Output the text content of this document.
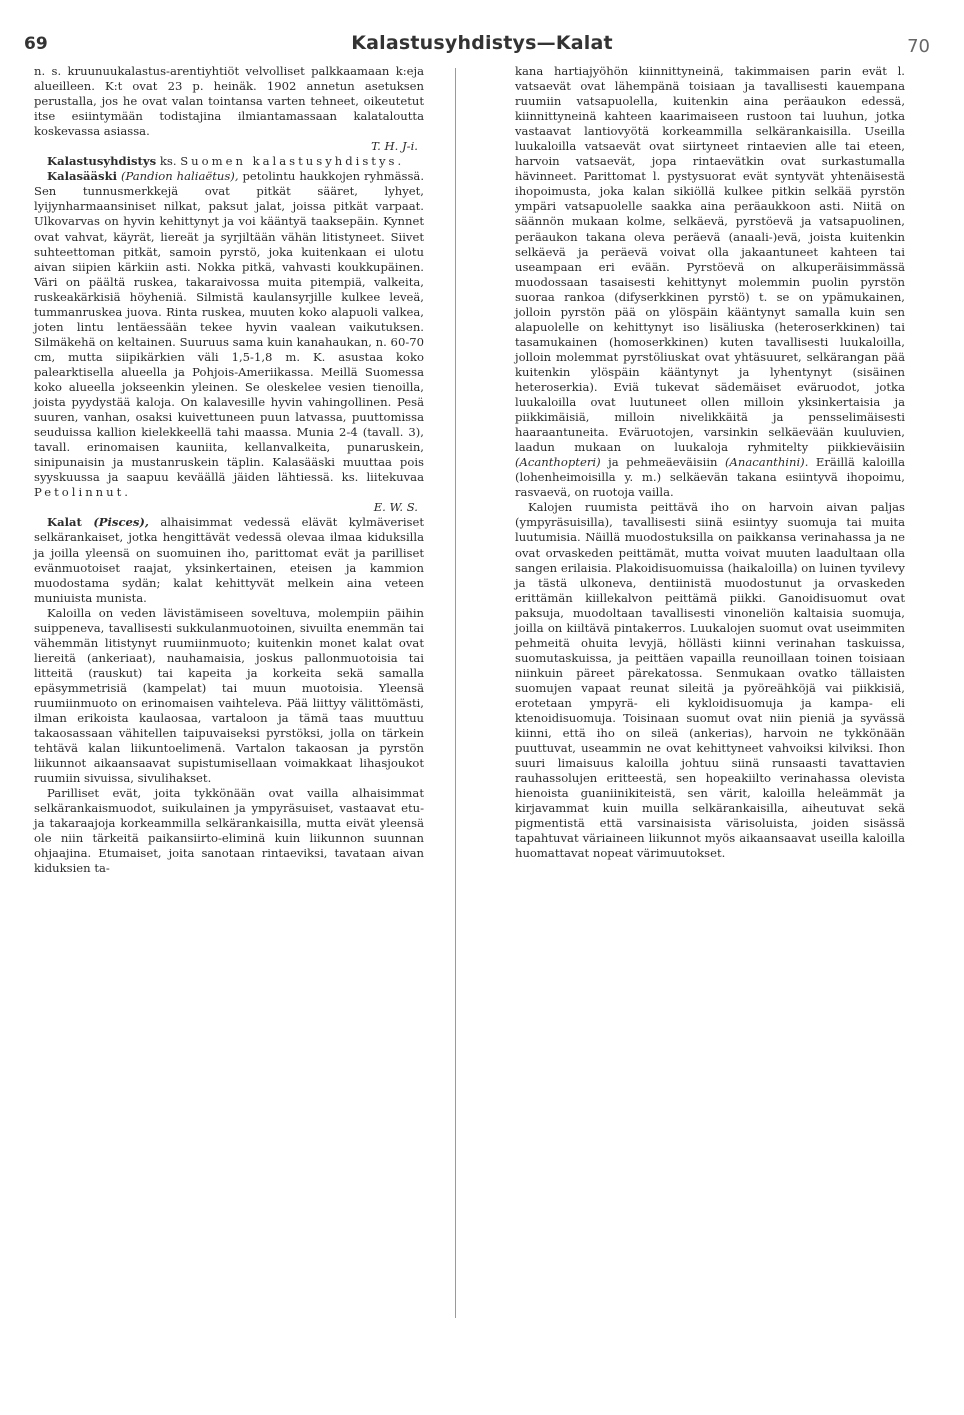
69	Kalastusyhdistys—Kalat	70

n. s. kruunuukalastus-arentiyhtiöt velvolliset palkkaamaan k:eja alueilleen. K:t ovat 23 p. heinäk. 1902 annetun asetuksen perustalla, jos he ovat valan tointansa varten tehneet, oikeutetut itse esiintymään todistajina ilmiantamassaan kalataloutta koskevassa asiassa.

T. H. J-i.

Kalastusyhdistys ks. Suomen kalastusyhdistys.

Kalasääski (Pandion haliaëtus), petolintu haukkojen ryhmässä. Sen tunnusmerkkejä ovat pitkät sääret, lyhyet, lyijynharmaansiniset nilkat, paksut jalat, joissa pitkät varpaat. Ulkovarvas on hyvin kehittynyt ja voi kääntyä taaksepäin. Kynnet ovat vahvat, käyrät, liereät ja syrjiltään vähän litistyneet. Siivet suhteettoman pitkät, samoin pyrstö, joka kuitenkaan ei ulotu aivan siipien kärkiin asti. Nokka pitkä, vahvasti koukkupäinen. Väri on päältä ruskea, takaraivossa muita pitempiä, valkeita, ruskeakärkisiä höyheniä. Silmistä kaulansyrjille kulkee leveä, tummanruskea juova. Rinta ruskea, muuten koko alapuoli valkea, joten lintu lentäessään tekee hyvin vaalean vaikutuksen. Silmäkehä on keltainen. Suuruus sama kuin kanahaukan, n. 60-70 cm, mutta siipikärkien väli 1,5-1,8 m. K. asustaa koko palearktisella alueella ja Pohjois-Ameriikassa. Meillä Suomessa koko alueella jokseenkin yleinen. Se oleskelee vesien tienoilla, joista pyydystää kaloja. On kalavesille hyvin vahingollinen. Pesä suuren, vanhan, osaksi kuivettuneen puun latvassa, puuttomissa seuduissa kallion kielekkeellä tahi maassa. Munia 2-4 (tavall. 3), tavall. erinomaisen kauniita, kellanvalkeita, punaruskein, sinipunaisin ja mustanruskein täplin. Kalasääski muuttaa pois syyskuussa ja saapuu keväällä jäiden lähtiessä. ks. liitekuvaa Petolinnut.

E. W. S.

Kalat (Pisces), alhaisimmat vedessä elävät kylmäveriset selkärankaiset, jotka hengittävät vedessä olevaa ilmaa kiduksilla ja joilla yleensä on suomuinen iho, parittomat evät ja parilliset evänmuotoiset raajat, yksinkertainen, eteisen ja kammion muodostama sydän; kalat kehittyvät melkein aina veteen muniuista munista.

Kaloilla on veden lävistämiseen soveltuva, molempiin päihin suippeneva, tavallisesti sukkulanmuotoinen, sivuilta enemmän tai vähemmän litistynyt ruumiinmuoto; kuitenkin monet kalat ovat liereitä (ankeriaat), nauhamaisia, joskus pallonmuotoisia tai litteitä (rauskut) tai kapeita ja korkeita sekä samalla epäsymmetrisiä (kampelat) tai muun muotoisia. Yleensä ruumiinmuoto on erinomaisen vaihteleva. Pää liittyy välittömästi, ilman erikoista kaulaosaa, vartaloon ja tämä taas muuttuu takaosassaan vähitellen taipuvaiseksi pyrstöksi, jolla on tärkein tehtävä kalan liikuntoelimenä. Vartalon takaosan ja pyrstön liikunnot aikaansaavat supistumisellaan voimakkaat lihasjoukot ruumiin sivuissa, sivulihakset.

Parilliset evät, joita tykkönään ovat vailla alhaisimmat selkärankaismuodot, suikulainen ja ympyräsuiset, vastaavat etu- ja takaraajoja korkeammilla selkärankaisilla, mutta eivät yleensä ole niin tärkeitä paikansiirto-eliminä kuin liikunnon suunnan ohjaajina. Etumaiset, joita sanotaan rintaeviksi, tavataan aivan kiduksien ta-

kana hartiajyöhön kiinnittyneinä, takimmaisen parin evät l. vatsaevät ovat lähempänä toisiaan ja tavallisesti kauempana ruumiin vatsapuolella, kuitenkin aina peräaukon edessä, kiinnittyneinä kahteen kaarimaiseen rustoon tai luuhun, jotka vastaavat lantiovyötä korkeammilla selkärankaisilla. Useilla luukaloilla vatsaevät ovat siirtyneet rintaevien alle tai eteen, harvoin vatsaevät, jopa rintaevätkin ovat surkastumalla hävinneet. Parittomat l. pystysuorat evät syntyvät yhtenäisestä ihopoimusta, joka kalan sikiöllä kulkee pitkin selkää pyrstön ympäri vatsapuolelle saakka aina peräaukkoon asti. Niitä on säännön mukaan kolme, selkäevä, pyrstöevä ja vatsapuolinen, peräaukon takana oleva peräevä (anaali-)evä, joista kuitenkin selkäevä ja peräevä voivat olla jakaantuneet kahteen tai useampaan eri evään. Pyrstöevä on alkuperäisimmässä muodossaan tasaisesti kehittynyt molemmin puolin pyrstön suoraa rankoa (difyserkkinen pyrstö) t. se on ypämukainen, jolloin pyrstön pää on ylöspäin kääntynyt samalla kuin sen alapuolelle on kehittynyt iso lisäliuska (heteroserkkinen) tai tasamukainen (homoserkkinen) kuten tavallisesti luukaloilla, jolloin molemmat pyrstöliuskat ovat yhtäsuuret, selkärangan pää kuitenkin ylöspäin kääntynyt ja lyhentynyt (sisäinen heteroserkia). Eviä tukevat sädemäiset eväruodot, jotka luukaloilla ovat luutuneet ollen milloin yksinkertaisia ja piikkimäisiä, milloin nivelikkäitä ja pensselimäisesti haaraantuneita. Eväruotojen, varsinkin selkäevään kuuluvien, laadun mukaan on luukaloja ryhmitelty piikkieväisiin (Acanthopteri) ja pehmeäeväisiin (Anacanthini). Eräillä kaloilla (lohenheimoisilla y. m.) selkäevän takana esiintyvä ihopoimu, rasvaevä, on ruotoja vailla.

Kalojen ruumista peittävä iho on harvoin aivan paljas (ympyräsuisilla), tavallisesti siinä esiintyy suomuja tai muita luutumisia. Näillä muodostuksilla on paikkansa verinahassa ja ne ovat orvaskeden peittämät, mutta voivat muuten laadultaan olla sangen erilaisia. Plakoidisuomuissa (haikaloilla) on luinen tyvilevy ja tästä ulkoneva, dentiinistä muodostunut ja orvaskeden erittämän kiillekalvon peittämä piikki. Ganoidisuomut ovat paksuja, muodoltaan tavallisesti vinoneliön kaltaisia suomuja, joilla on kiiltävä pintakerros. Luukalojen suomut ovat useimmiten pehmeitä ohuita levyjä, höllästi kiinni verinahan taskuissa, suomutaskuissa, ja peittäen vapailla reunoillaan toinen toisiaan niinkuin päreet pärekatossa. Senmukaan ovatko tällaisten suomujen vapaat reunat sileitä ja pyöreähköjä vai piikkisiä, erotetaan ympyrä- eli kykloidisuomuja ja kampa- eli ktenoidisuomuja. Toisinaan suomut ovat niin pieniä ja syvässä kiinni, että iho on sileä (ankerias), harvoin ne tykkönään puuttuvat, useammin ne ovat kehittyneet vahvoiksi kilviksi. Ihon suuri limaisuus kaloilla johtuu siinä runsaasti tavattavien rauhassolujen eritteestä, sen hopeakiilto verinahassa olevista hienoista guaniinikiteistä, sen värit, kaloilla heleämmät ja kirjavammat kuin muilla selkärankaisilla, aiheutuvat sekä pigmentistä että varsinaisista värisoluista, joiden sisässä tapahtuvat väriaineen liikunnot myös aikaansaavat useilla kaloilla huomattavat nopeat värimuutokset.
